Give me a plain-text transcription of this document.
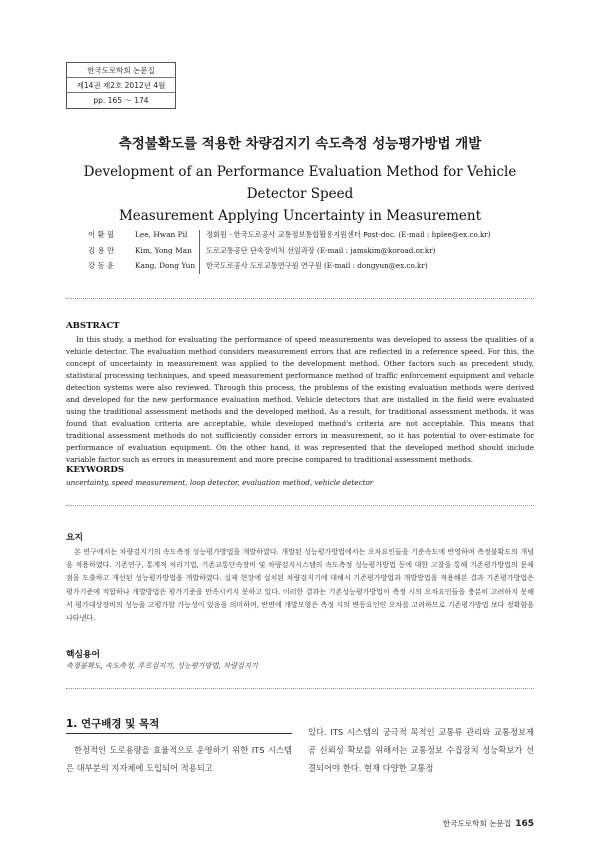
한국도로학회 논문집
제14권 제2호 2012년 4월
pp. 165 ～ 174
측정불확도를 적용한 차량검지기 속도측정 성능평가방법 개발
Development of an Performance Evaluation Method for Vehicle Detector Speed
Measurement Applying Uncertainty in Measurement
이 환 필
김 용 만
강 동 윤
Lee, Hwan Pil
Kim, Yong Man
Kang, Dong Yun
정회원 · 한국도로공사 교통정보통합활용지원센터 Post-doc. (E-mail : hplee@ex.co.kr)
도로교통공단 단속장비처 선임과장 (E-mail : jamskim@koroad.or.kr)
한국도로공사 도로교통연구원 연구원 (E-mail : dongyun@ex.co.kr)
ABSTRACT

In this study, a method for evaluating the performance of speed measurements was developed to assess the qualities of a vehicle detector. The evaluation method considers measurement errors that are reflected in a reference speed. For this, the concept of uncertainty in measurement was applied to the development method. Other factors such as precedent study, statistical processing techniques, and speed measurement performance method of traffic enforcement equipment and vehicle detection systems were also reviewed. Through this process, the problems of the existing evaluation methods were derived and developed for the new performance evaluation method. Vehicle detectors that are installed in the field were evaluated using the traditional assessment methods and the developed method. As a result, for traditional assessment methods, it was found that evaluation criteria are acceptable, while developed method's criteria are not acceptable. This means that traditional assessment methods do not sufficiently consider errors in measurement, so it has potential to over-estimate for performance of evaluation equipment. On the other hand, it was represented that the developed method should include variable factor such as errors in measurement and more precise compared to traditional assessment methods.

KEYWORDS
uncertainty, speed measurement, loop detector, evaluation method, vehicle detector
요지

본 연구에서는 차량검지기의 속도측정 성능평가방법을 개발하였다. 개발된 성능평가방법에서는 오차요인들을 기준속도에 반영하며 측정불확도의 개념을 적용하였다. 기존연구, 통계적 처리기법, 기존교통단속장비 및 차량검지시스템의 속도측정 성능평가방법 등에 대한 고찰을 통해 기존평가방법의 문제점을 도출하고 개선된 성능평가방법을 개발하였다. 실제 현장에 설치된 차량검지기에 대해서 기존평가방법과 개발방법을 적용해본 결과 기존평가방법은 평가기준에 적합하나 개발방법은 평가기준을 만족시키지 못하고 있다. 이러한 결과는 기존성능평가방법이 측정 시의 오차요인들을 충분히 고려하지 못해서 평가대상장비의 성능을 고평가할 가능성이 있음을 의미하며, 반면에 개발모형은 측정 시의 변동요인인 오차를 고려하므로 기존평가방법 보다 정확함을 나타낸다.

핵심용어
측정불확도, 속도측정, 루프검지기, 성능평가방법, 차량검지기
1. 연구배경 및 목적

한정적인 도로용량을 효율적으로 운영하기 위한 ITS 시스템은 대부분의 지자체에 도입되어 적용되고

있다. ITS 시스템의 궁극적 목적인 교통류 관리와 교통정보제공 신뢰성 확보를 위해서는 교통정보 수집장치 성능확보가 선결되어야 한다. 현재 다양한 교통정

한국도로학회 논문집 165
